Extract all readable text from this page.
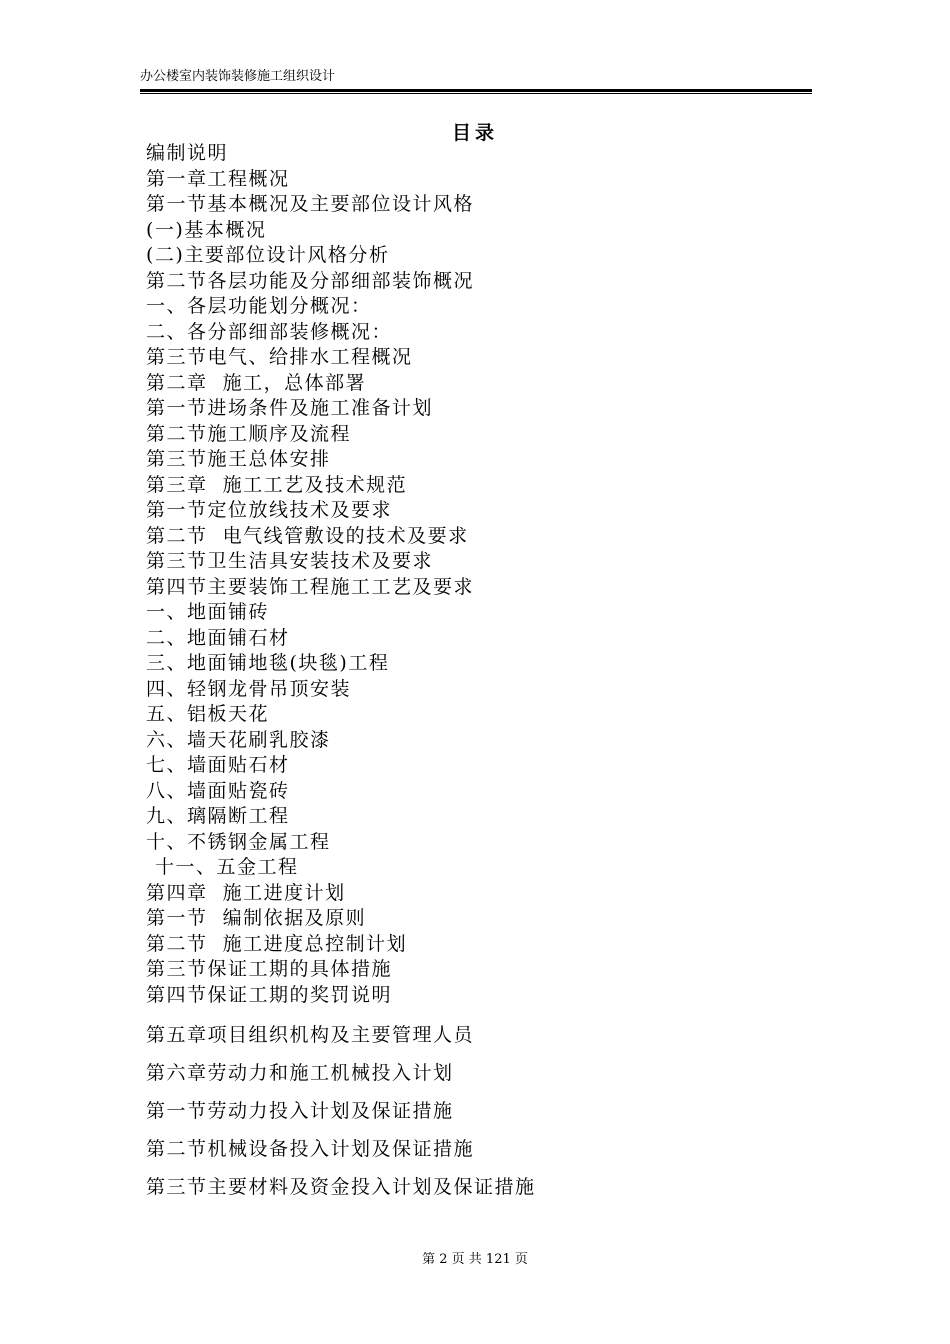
办公楼室内装饰装修施工组织设计
目录
编制说明
第一章工程概况
第一节基本概况及主要部位设计风格
(一)基本概况
(二)主要部位设计风格分析
第二节各层功能及分部细部装饰概况
一、各层功能划分概况：
二、各分部细部装修概况：
第三节电气、给排水工程概况
第二章  施工，总体部署
第一节进场条件及施工准备计划
第二节施工顺序及流程
第三节施王总体安排
第三章  施工工艺及技术规范
第一节定位放线技术及要求
第二节  电气线管敷设的技术及要求
第三节卫生洁具安装技术及要求
第四节主要装饰工程施工工艺及要求
一、地面铺砖
二、地面铺石材
三、地面铺地毯(块毯)工程
四、轻钢龙骨吊顶安装
五、铝板天花
六、墙天花刷乳胶漆
七、墙面贴石材
八、墙面贴瓷砖
九、璃隔断工程
十、不锈钢金属工程
十一、五金工程
第四章  施工进度计划
第一节  编制依据及原则
第二节  施工进度总控制计划
第三节保证工期的具体措施
第四节保证工期的奖罚说明
第五章项目组织机构及主要管理人员
第六章劳动力和施工机械投入计划
第一节劳动力投入计划及保证措施
第二节机械设备投入计划及保证措施
第三节主要材料及资金投入计划及保证措施
第 2 页 共 121 页
